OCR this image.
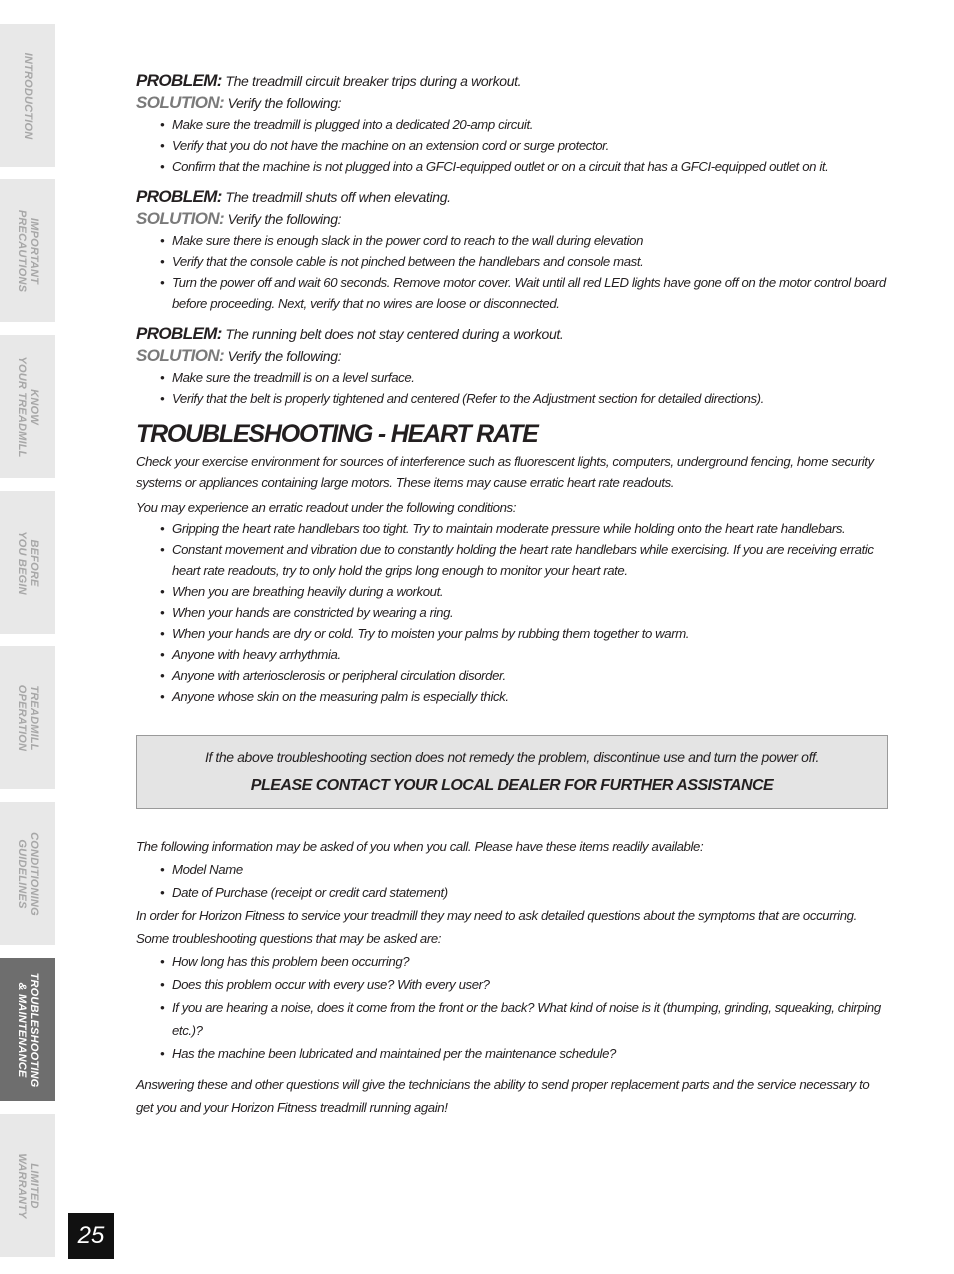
INTRODUCTION
IMPORTANT
PRECAUTIONS
KNOW
YOUR TREADMILL
BEFORE
YOU BEGIN
TREADMILL
OPERATION
CONDITIONING
GUIDELINES
TROUBLESHOOTING
& MAINTENANCE
LIMITED
WARRANTY
25
PROBLEM: The treadmill circuit breaker trips during a workout.
SOLUTION: Verify the following:
• Make sure the treadmill is plugged into a dedicated 20-amp circuit.
• Verify that you do not have the machine on an extension cord or surge protector.
• Confirm that the machine is not plugged into a GFCI-equipped outlet or on a circuit that has a GFCI-equipped outlet on it.
PROBLEM: The treadmill shuts off when elevating.
SOLUTION: Verify the following:
• Make sure there is enough slack in the power cord to reach to the wall during elevation
• Verify that the console cable is not pinched between the handlebars and console mast.
• Turn the power off and wait 60 seconds. Remove motor cover. Wait until all red LED lights have gone off on the motor control board before proceeding. Next, verify that no wires are loose or disconnected.
PROBLEM: The running belt does not stay centered during a workout.
SOLUTION: Verify the following:
• Make sure the treadmill is on a level surface.
• Verify that the belt is properly tightened and centered (Refer to the Adjustment section for detailed directions).
TROUBLESHOOTING - HEART RATE
Check your exercise environment for sources of interference such as fluorescent lights, computers, underground fencing, home security systems or appliances containing large motors. These items may cause erratic heart rate readouts.
You may experience an erratic readout under the following conditions:
• Gripping the heart rate handlebars too tight. Try to maintain moderate pressure while holding onto the heart rate handlebars.
• Constant movement and vibration due to constantly holding the heart rate handlebars while exercising. If you are receiving erratic heart rate readouts, try to only hold the grips long enough to monitor your heart rate.
• When you are breathing heavily during a workout.
• When your hands are constricted by wearing a ring.
• When your hands are dry or cold. Try to moisten your palms by rubbing them together to warm.
• Anyone with heavy arrhythmia.
• Anyone with arteriosclerosis or peripheral circulation disorder.
• Anyone whose skin on the measuring palm is especially thick.
If the above troubleshooting section does not remedy the problem, discontinue use and turn the power off.
PLEASE CONTACT YOUR LOCAL DEALER FOR FURTHER ASSISTANCE
The following information may be asked of you when you call. Please have these items readily available:
• Model Name
• Date of Purchase (receipt or credit card statement)
In order for Horizon Fitness to service your treadmill they may need to ask detailed questions about the symptoms that are occurring. Some troubleshooting questions that may be asked are:
• How long has this problem been occurring?
• Does this problem occur with every use? With every user?
• If you are hearing a noise, does it come from the front or the back? What kind of noise is it (thumping, grinding, squeaking, chirping etc.)?
• Has the machine been lubricated and maintained per the maintenance schedule?
Answering these and other questions will give the technicians the ability to send proper replacement parts and the service necessary to get you and your Horizon Fitness treadmill running again!
